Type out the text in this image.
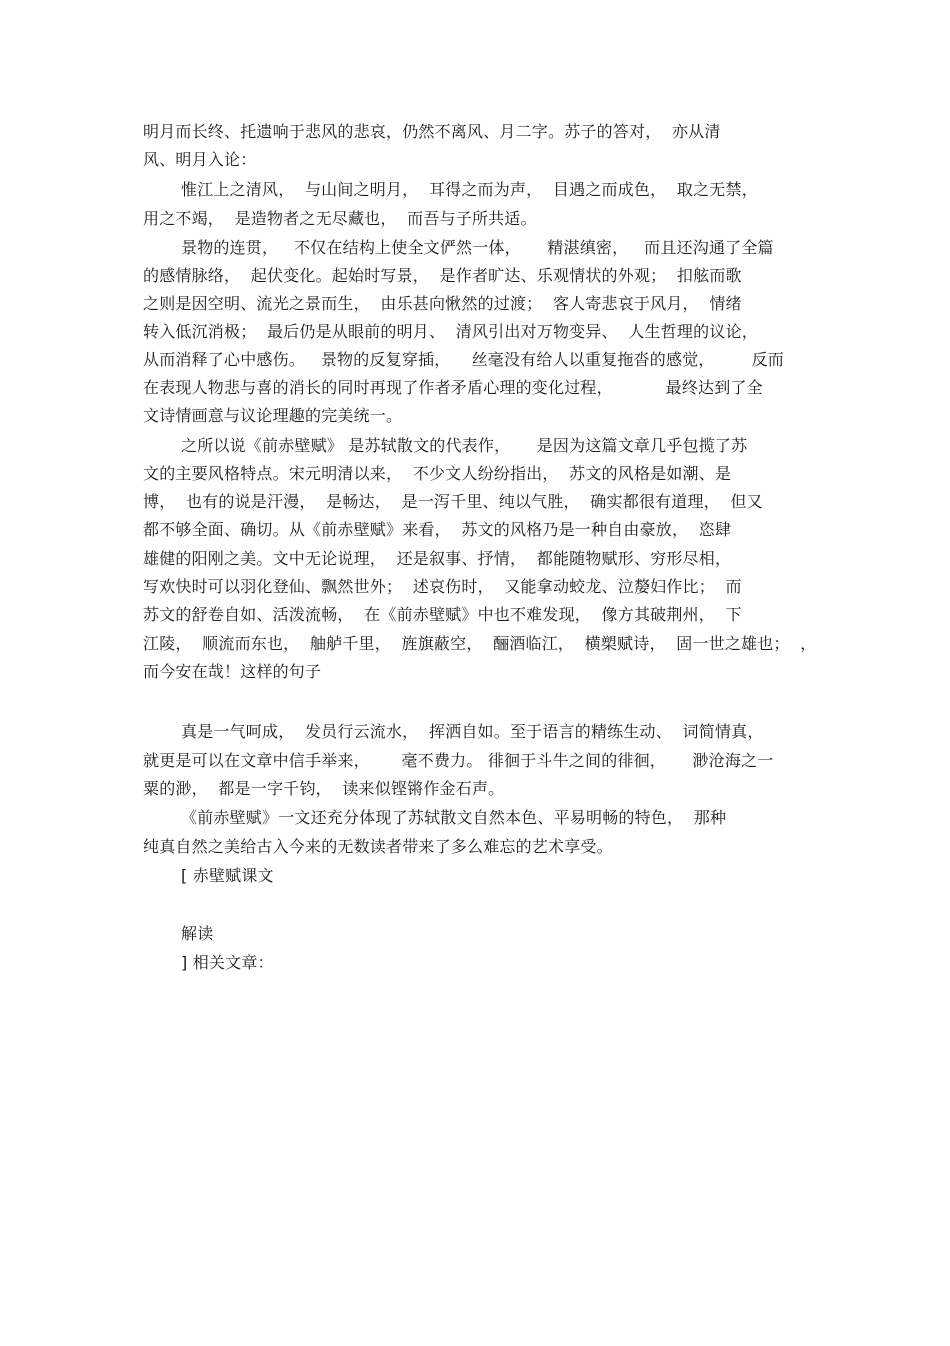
明月而长终、托遗响于悲风的悲哀，仍然不离风、月二字。苏子的答对，  亦从清
风、明月入论：
惟江上之清风，  与山间之明月，  耳得之而为声，  目遇之而成色，  取之无禁，
用之不竭，  是造物者之无尽藏也，  而吾与子所共适。
景物的连贯，   不仅在结构上使全文俨然一体，     精湛缜密，   而且还沟通了全篇
的感情脉络，  起伏变化。起始时写景，  是作者旷达、乐观情状的外观；  扣舷而歌
之则是因空明、流光之景而生，  由乐甚向愀然的过渡；  客人寄悲哀于风月，  情绪
转入低沉消极；  最后仍是从眼前的明月、  清风引出对万物变异、  人生哲理的议论，
从而消释了心中感伤。   景物的反复穿插，    丝毫没有给人以重复拖沓的感觉，       反而
在表现人物悲与喜的消长的同时再现了作者矛盾心理的变化过程，          最终达到了全
文诗情画意与议论理趣的完美统一。
之所以说《前赤壁赋》 是苏轼散文的代表作，     是因为这篇文章几乎包揽了苏
文的主要风格特点。宋元明清以来，  不少文人纷纷指出，  苏文的风格是如潮、是
博，  也有的说是汗漫，  是畅达，  是一泻千里、纯以气胜，  确实都很有道理，  但又
都不够全面、确切。从《前赤壁赋》来看，  苏文的风格乃是一种自由豪放，  恣肆
雄健的阳刚之美。文中无论说理，  还是叙事、抒情，  都能随物赋形、穷形尽相，
写欢快时可以羽化登仙、飘然世外；  述哀伤时，  又能拿动蛟龙、泣嫠妇作比；  而
苏文的舒卷自如、活泼流畅，  在《前赤壁赋》中也不难发现，  像方其破荆州，  下
江陵，  顺流而东也，  舳舻千里，  旌旗蔽空，  酾酒临江，  横槊赋诗，  固一世之雄也；  ，
而今安在哉！这样的句子
真是一气呵成，  发员行云流水，  挥洒自如。至于语言的精练生动、  词简情真，
就更是可以在文章中信手举来，      毫不费力。 徘徊于斗牛之间的徘徊，     渺沧海之一
粟的渺，  都是一字千钧，  读来似铿锵作金石声。
《前赤壁赋》一文还充分体现了苏轼散文自然本色、平易明畅的特色，  那种
纯真自然之美给古入今来的无数读者带来了多么难忘的艺术享受。
[ 赤壁赋课文
解读
] 相关文章：
